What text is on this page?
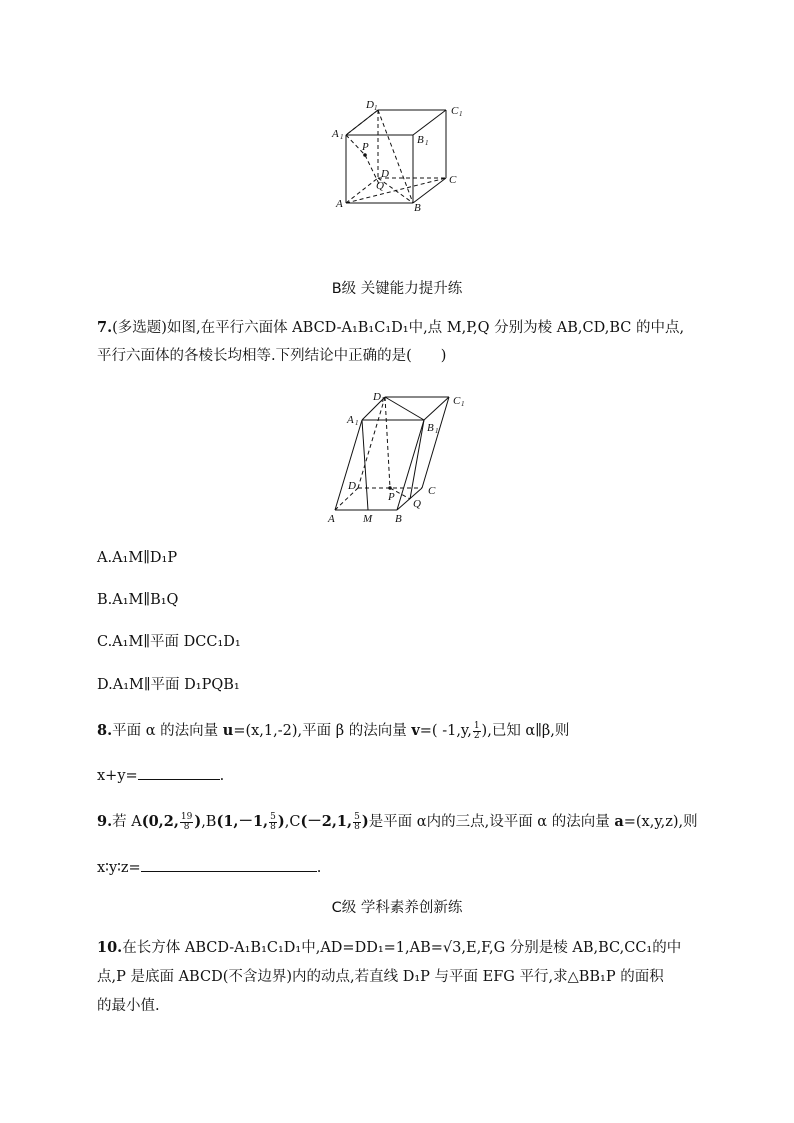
D 1	C 1
A 1	B 1
P
D
Q	C
A	B
B级 关键能力提升练
7.(多选题)如图,在平行六面体 ABCD-A₁B₁C₁D₁中,点 M,P,Q 分别为棱 AB,CD,BC 的中点,
平行六面体的各棱长均相等.下列结论中正确的是(　　)
D 1	C 1
A 1	B 1
D
P	C
Q
A	M B
A.A₁M∥D₁P
B.A₁M∥B₁Q
C.A₁M∥平面 DCC₁D₁
D.A₁M∥平面 D₁PQB₁
8.平面 α 的法向量 u=(x,1,-2),平面 β 的法向量 v=( -1,y, $\frac{1}{2}$ ),已知 α∥β,则
x+y=	.
9.若 A(0,2, $\frac{19}{8} ),B(1,-1$, $\frac{5}{8} ),C(-2,1$, $\frac{5}{8}$ )是平面 α内的三点,设平面 α 的法向量 a=(x,y,z),则
x∶y∶z=	.
C级 学科素养创新练
10.在长方体 ABCD-A₁B₁C₁D₁中,AD=DD₁=1,AB=√3,E,F,G 分别是棱 AB,BC,CC₁的中
点,P 是底面 ABCD(不含边界)内的动点,若直线 D₁P 与平面 EFG 平行,求△BB₁P 的面积
的最小值.
